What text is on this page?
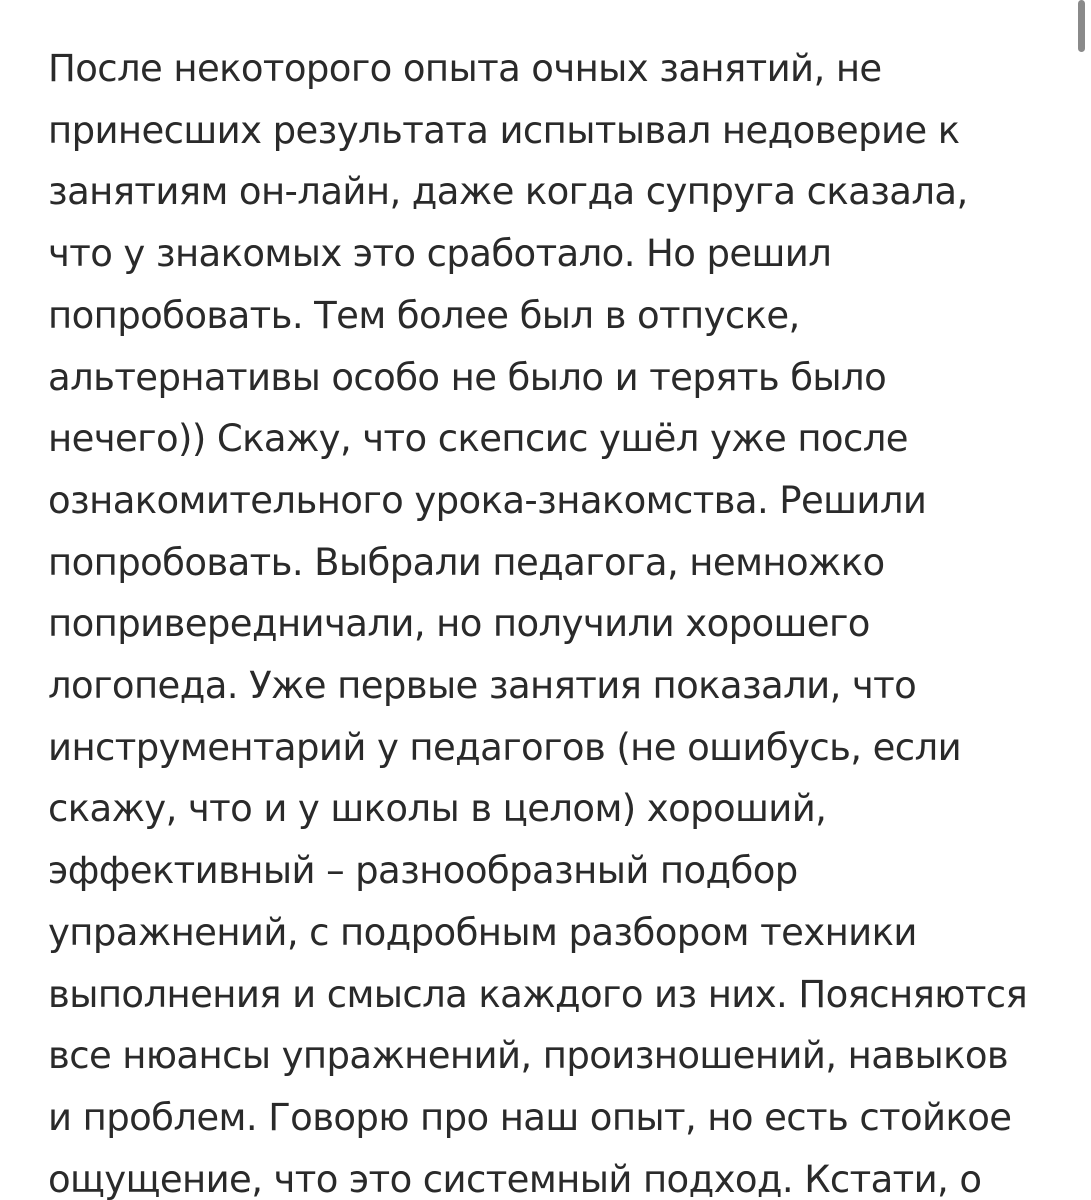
После некоторого опыта очных занятий, не
принесших результата испытывал недоверие к
занятиям он-лайн, даже когда супруга сказала,
что у знакомых это сработало. Но решил
попробовать. Тем более был в отпуске,
альтернативы особо не было и терять было
нечего)) Скажу, что скепсис ушёл уже после
ознакомительного урока-знакомства. Решили
попробовать. Выбрали педагога, немножко
попривередничали, но получили хорошего
логопеда. Уже первые занятия показали, что
инструментарий у педагогов (не ошибусь, если
скажу, что и у школы в целом) хороший,
эффективный – разнообразный подбор
упражнений, с подробным разбором техники
выполнения и смысла каждого из них. Поясняются
все нюансы упражнений, произношений, навыков
и проблем. Говорю про наш опыт, но есть стойкое
ощущение, что это системный подход. Кстати, о
